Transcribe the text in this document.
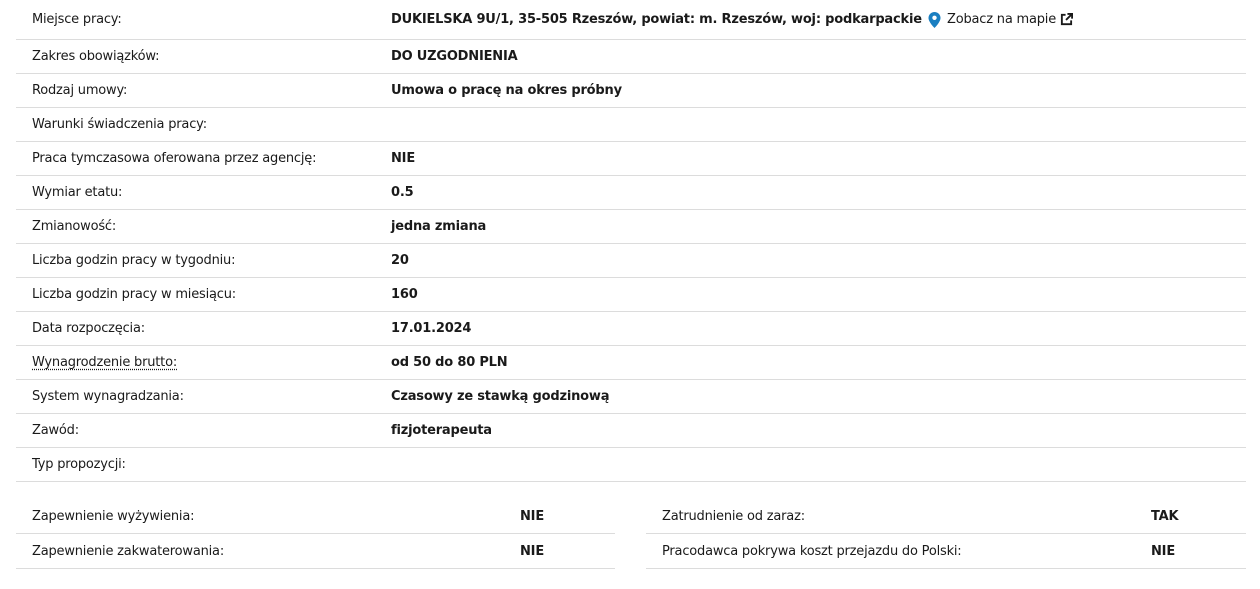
Miejsce pracy:	DUKIELSKA 9U/1, 35-505 Rzeszów, powiat: m. Rzeszów, woj: podkarpackie Zobacz na mapie
Zakres obowiązków:	DO UZGODNIENIA
Rodzaj umowy:	Umowa o pracę na okres próbny
Warunki świadczenia pracy:
Praca tymczasowa oferowana przez agencję:	NIE
Wymiar etatu:	0.5
Zmianowość:	jedna zmiana
Liczba godzin pracy w tygodniu:	20
Liczba godzin pracy w miesiącu:	160
Data rozpoczęcia:	17.01.2024
Wynagrodzenie brutto:	od 50 do 80 PLN
System wynagradzania:	Czasowy ze stawką godzinową
Zawód:	fizjoterapeuta
Typ propozycji:
Zapewnienie wyżywienia:	NIE
Zapewnienie zakwaterowania:	NIE
Zatrudnienie od zaraz:	TAK
Pracodawca pokrywa koszt przejazdu do Polski:	NIE
